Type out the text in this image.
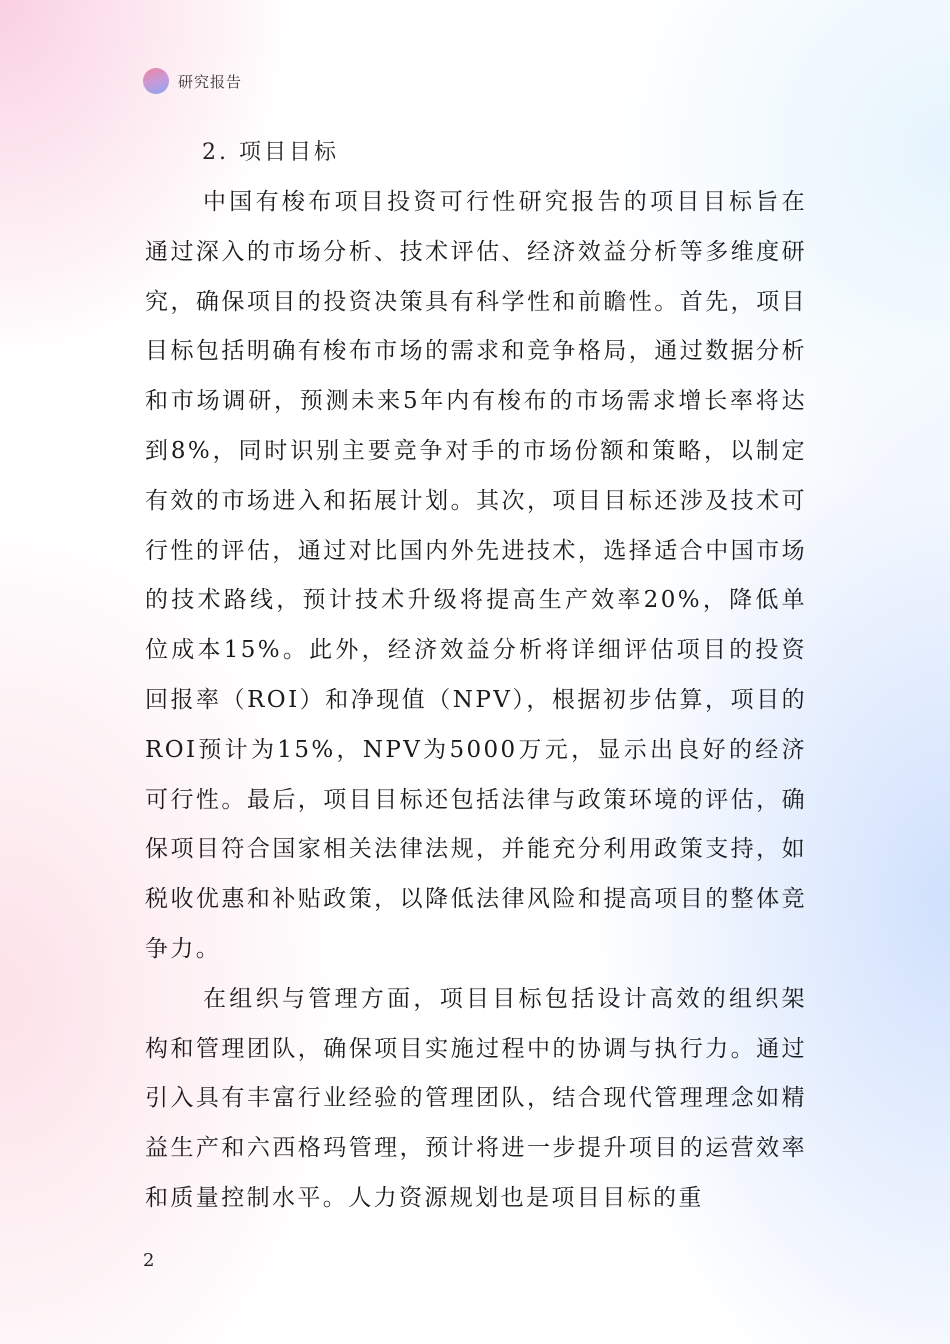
研究报告
2. 项目目标

中国有梭布项目投资可行性研究报告的项目目标旨在通过深入的市场分析、技术评估、经济效益分析等多维度研究，确保项目的投资决策具有科学性和前瞻性。首先，项目目标包括明确有梭布市场的需求和竞争格局，通过数据分析和市场调研，预测未来5年内有梭布的市场需求增长率将达到8%，同时识别主要竞争对手的市场份额和策略，以制定有效的市场进入和拓展计划。其次，项目目标还涉及技术可行性的评估，通过对比国内外先进技术，选择适合中国市场的技术路线，预计技术升级将提高生产效率20%，降低单位成本15%。此外，经济效益分析将详细评估项目的投资回报率（ROI）和净现值（NPV），根据初步估算，项目的ROI预计为15%，NPV为5000万元，显示出良好的经济可行性。最后，项目目标还包括法律与政策环境的评估，确保项目符合国家相关法律法规，并能充分利用政策支持，如税收优惠和补贴政策，以降低法律风险和提高项目的整体竞争力。

在组织与管理方面，项目目标包括设计高效的组织架构和管理团队，确保项目实施过程中的协调与执行力。通过引入具有丰富行业经验的管理团队，结合现代管理理念如精益生产和六西格玛管理，预计将进一步提升项目的运营效率和质量控制水平。人力资源规划也是项目目标的重

2
